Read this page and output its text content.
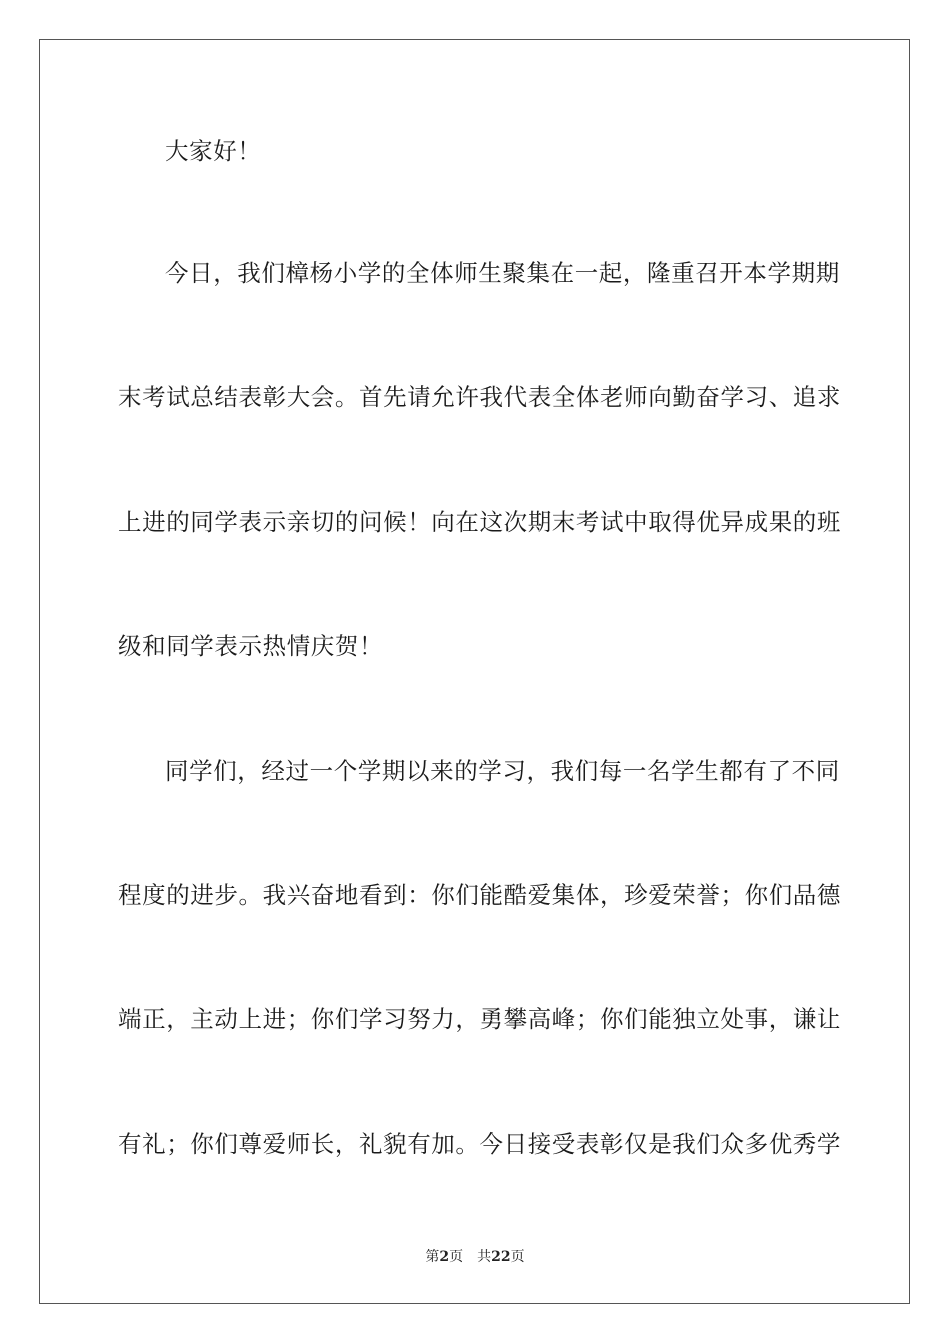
大家好！
今日，我们樟杨小学的全体师生聚集在一起，隆重召开本学期期
末考试总结表彰大会。首先请允许我代表全体老师向勤奋学习、追求
上进的同学表示亲切的问候！向在这次期末考试中取得优异成果的班
级和同学表示热情庆贺！
同学们，经过一个学期以来的学习，我们每一名学生都有了不同
程度的进步。我兴奋地看到：你们能酷爱集体，珍爱荣誉；你们品德
端正，主动上进；你们学习努力，勇攀高峰；你们能独立处事，谦让
有礼；你们尊爱师长，礼貌有加。今日接受表彰仅是我们众多优秀学
第2页 共22页
